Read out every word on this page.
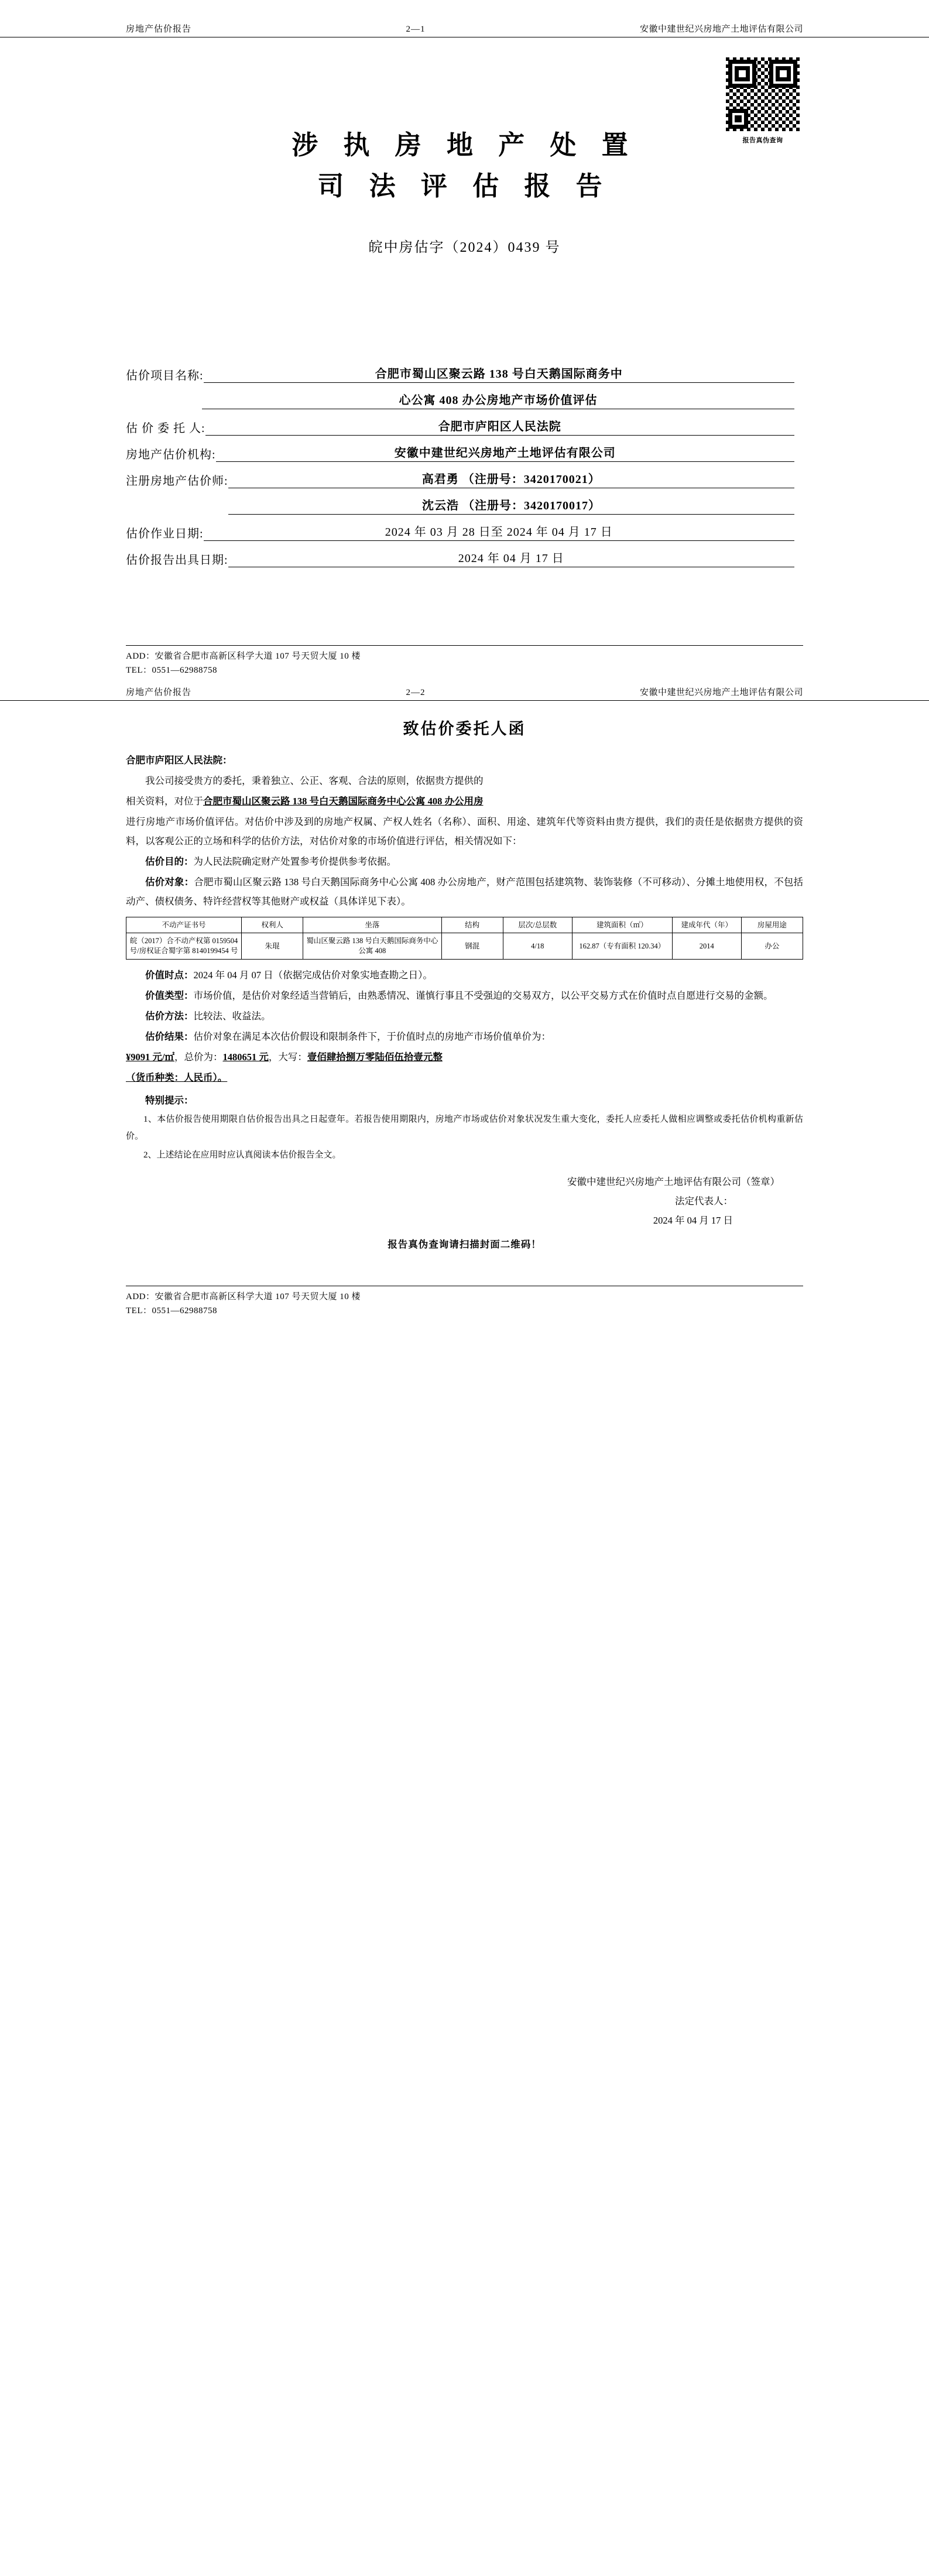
房地产估价报告	2—1	安徽中建世纪兴房地产土地评估有限公司
报告真伪查询
涉 执 房 地 产 处 置
司 法 评 估 报 告
皖中房估字（2024）0439 号
估价项目名称:	合肥市蜀山区聚云路 138 号白天鹅国际商务中
心公寓 408 办公房地产市场价值评估
估 价 委 托 人:	合肥市庐阳区人民法院
房地产估价机构:	安徽中建世纪兴房地产土地评估有限公司
注册房地产估价师:	高君勇 （注册号：3420170021）
沈云浩 （注册号：3420170017）
估价作业日期:	2024 年 03 月 28 日至 2024 年 04 月 17 日
估价报告出具日期:	2024 年 04 月 17 日
ADD：安徽省合肥市高新区科学大道 107 号天贸大厦 10 楼
TEL：0551—62988758
房地产估价报告	2—2	安徽中建世纪兴房地产土地评估有限公司
致估价委托人函

合肥市庐阳区人民法院：

我公司接受贵方的委托，秉着独立、公正、客观、合法的原则，依据贵方提供的

相关资料，对位于合肥市蜀山区聚云路 138 号白天鹅国际商务中心公寓 408 办公用房

进行房地产市场价值评估。对估价中涉及到的房地产权属、产权人姓名（名称）、面积、用途、建筑年代等资料由贵方提供，我们的责任是依据贵方提供的资料，以客观公正的立场和科学的估价方法，对估价对象的市场价值进行评估，相关情况如下：

估价目的：为人民法院确定财产处置参考价提供参考依据。

估价对象：合肥市蜀山区聚云路 138 号白天鹅国际商务中心公寓 408 办公房地产，财产范围包括建筑物、装饰装修（不可移动）、分摊土地使用权，不包括动产、债权债务、特许经营权等其他财产或权益（具体详见下表）。

不动产证书号	权利人	坐落	结构	层次/总层数	建筑面积（㎡）	建成年代（年）	房屋用途
皖（2017）合不动产权第 0159504 号/房权证合蜀字第 8140199454 号	朱琨	蜀山区聚云路 138 号白天鹅国际商务中心公寓 408	钢混	4/18	162.87（专有面积 120.34）	2014	办公

价值时点：2024 年 04 月 07 日（依据完成估价对象实地查勘之日）。

价值类型：市场价值，是估价对象经适当营销后，由熟悉情况、谨慎行事且不受强迫的交易双方，以公平交易方式在价值时点自愿进行交易的金额。

估价方法：比较法、收益法。

估价结果：估价对象在满足本次估价假设和限制条件下，于价值时点的房地产市场价值单价为：

¥9091 元/㎡，总价为：1480651 元，大写：壹佰肆拾捌万零陆佰伍拾壹元整

（货币种类：人民币）。

特别提示：

1、本估价报告使用期限自估价报告出具之日起壹年。若报告使用期限内，房地产市场或估价对象状况发生重大变化，委托人应委托人做相应调整或委托估价机构重新估价。

2、上述结论在应用时应认真阅读本估价报告全文。

安徽中建世纪兴房地产土地评估有限公司（签章）
法定代表人：
2024 年 04 月 17 日
报告真伪查询请扫描封面二维码！
ADD：安徽省合肥市高新区科学大道 107 号天贸大厦 10 楼
TEL：0551—62988758
